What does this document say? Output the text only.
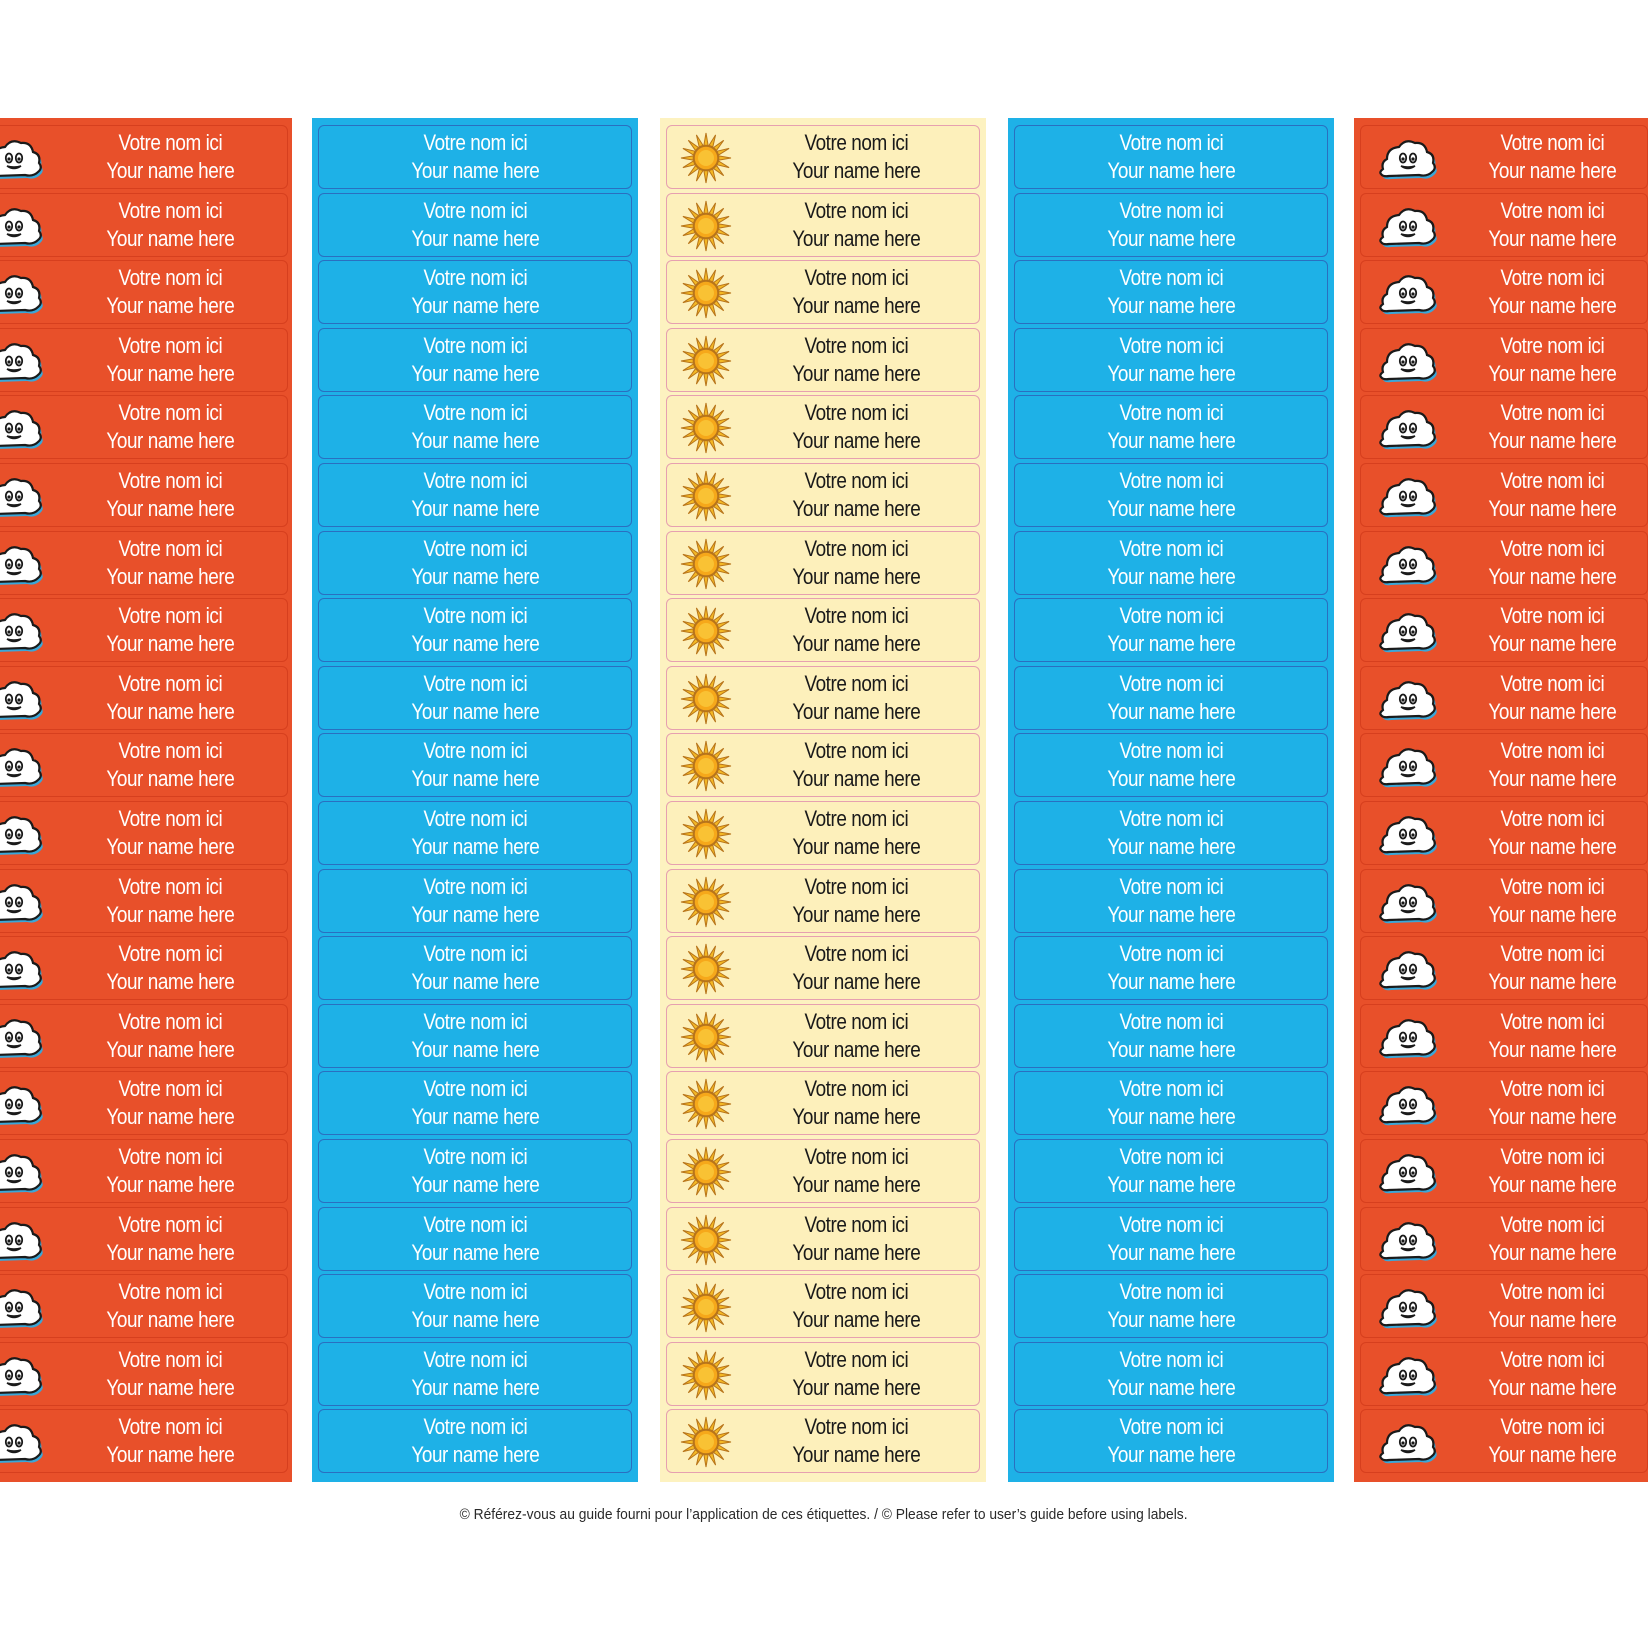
Votre nom ici
Your name here
Votre nom ici
Your name here
Votre nom ici
Your name here
Votre nom ici
Your name here
Votre nom ici
Your name here
Votre nom ici
Your name here
Votre nom ici
Your name here
Votre nom ici
Your name here
Votre nom ici
Your name here
Votre nom ici
Your name here
Votre nom ici
Your name here
Votre nom ici
Your name here
Votre nom ici
Your name here
Votre nom ici
Your name here
Votre nom ici
Your name here
Votre nom ici
Your name here
Votre nom ici
Your name here
Votre nom ici
Your name here
Votre nom ici
Your name here
Votre nom ici
Your name here
Votre nom ici
Your name here
Votre nom ici
Your name here
Votre nom ici
Your name here
Votre nom ici
Your name here
Votre nom ici
Your name here
Votre nom ici
Your name here
Votre nom ici
Your name here
Votre nom ici
Your name here
Votre nom ici
Your name here
Votre nom ici
Your name here
Votre nom ici
Your name here
Votre nom ici
Your name here
Votre nom ici
Your name here
Votre nom ici
Your name here
Votre nom ici
Your name here
Votre nom ici
Your name here
Votre nom ici
Your name here
Votre nom ici
Your name here
Votre nom ici
Your name here
Votre nom ici
Your name here
Votre nom ici
Your name here
Votre nom ici
Your name here
Votre nom ici
Your name here
Votre nom ici
Your name here
Votre nom ici
Your name here
Votre nom ici
Your name here
Votre nom ici
Your name here
Votre nom ici
Your name here
Votre nom ici
Your name here
Votre nom ici
Your name here
Votre nom ici
Your name here
Votre nom ici
Your name here
Votre nom ici
Your name here
Votre nom ici
Your name here
Votre nom ici
Your name here
Votre nom ici
Your name here
Votre nom ici
Your name here
Votre nom ici
Your name here
Votre nom ici
Your name here
Votre nom ici
Your name here
Votre nom ici
Your name here
Votre nom ici
Your name here
Votre nom ici
Your name here
Votre nom ici
Your name here
Votre nom ici
Your name here
Votre nom ici
Your name here
Votre nom ici
Your name here
Votre nom ici
Your name here
Votre nom ici
Your name here
Votre nom ici
Your name here
Votre nom ici
Your name here
Votre nom ici
Your name here
Votre nom ici
Your name here
Votre nom ici
Your name here
Votre nom ici
Your name here
Votre nom ici
Your name here
Votre nom ici
Your name here
Votre nom ici
Your name here
Votre nom ici
Your name here
Votre nom ici
Your name here
Votre nom ici
Your name here
Votre nom ici
Your name here
Votre nom ici
Your name here
Votre nom ici
Your name here
Votre nom ici
Your name here
Votre nom ici
Your name here
Votre nom ici
Your name here
Votre nom ici
Your name here
Votre nom ici
Your name here
Votre nom ici
Your name here
Votre nom ici
Your name here
Votre nom ici
Your name here
Votre nom ici
Your name here
Votre nom ici
Your name here
Votre nom ici
Your name here
Votre nom ici
Your name here
Votre nom ici
Your name here
Votre nom ici
Your name here
Votre nom ici
Your name here
Votre nom ici
Your name here
© Référez-vous au guide fourni pour l’application de ces étiquettes. / © Please refer to user’s guide before using labels.
